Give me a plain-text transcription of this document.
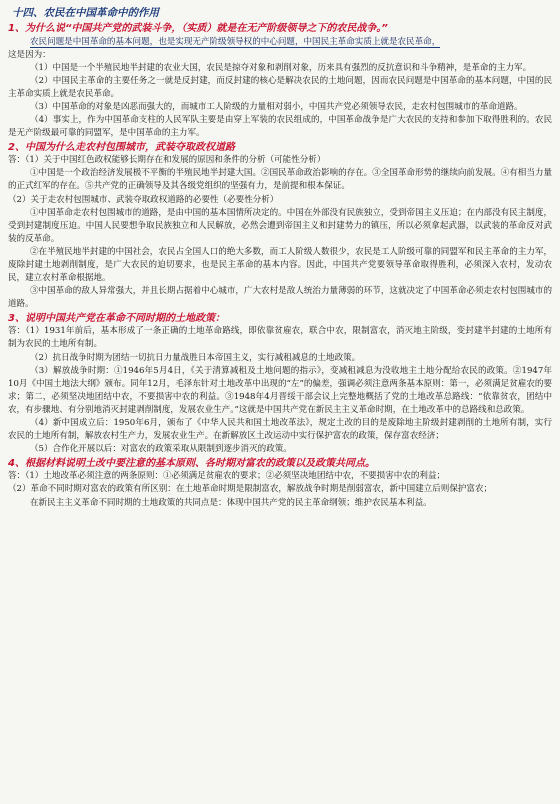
十四、农民在中国革命中的作用
1、为什么说“中国共产党的武装斗争，（实质）就是在无产阶级领导之下的农民战争。”

农民问题是中国革命的基本问题，也是实现无产阶级领导权的中心问题，中国民主革命实质上就是农民革命，

这是因为：

（1）中国是一个半殖民地半封建的农业大国，农民是掠夺对象和剥削对象，历来具有强烈的反抗意识和斗争精神，是革命的主力军。

（2）中国民主革命的主要任务之一就是反封建，而反封建的核心是解决农民的土地问题，因而农民问题是中国革命的基本问题，中国的民主革命实质上就是农民革命。

（3）中国革命的对象是凶恶而强大的，而城市工人阶级的力量相对弱小，中国共产党必须领导农民，走农村包围城市的革命道路。

（4）事实上，作为中国革命支柱的人民军队主要是由穿上军装的农民组成的，中国革命战争是广大农民的支持和参加下取得胜利的。农民是无产阶级最可靠的同盟军，是中国革命的主力军。

2、中国为什么走农村包围城市，武装夺取政权道路

答：（1）关于中国红色政权能够长期存在和发展的原因和条件的分析（可能性分析）

①中国是一个政治经济发展极不平衡的半殖民地半封建大国。②国民革命政治影响的存在。③全国革命形势的继续向前发展。④有相当力量的正式红军的存在。⑤共产党的正确领导及其各级党组织的坚强有力，是前提和根本保证。

（2）关于走农村包围城市、武装夺取政权道路的必要性（必要性分析）

①中国革命走农村包围城市的道路，是由中国的基本国情所决定的。中国在外部没有民族独立，受到帝国主义压迫；在内部没有民主制度，受到封建制度压迫。中国人民要想争取民族独立和人民解放，必然会遭到帝国主义和封建势力的镇压，所以必须拿起武器，以武装的革命反对武装的反革命。

②在半殖民地半封建的中国社会，农民占全国人口的绝大多数，而工人阶级人数很少，农民是工人阶级可靠的同盟军和民主革命的主力军，废除封建土地剥削制度，是广大农民的迫切要求，也是民主革命的基本内容。因此，中国共产党要领导革命取得胜利，必须深入农村，发动农民，建立农村革命根据地。

③中国革命的敌人异常强大，并且长期占据着中心城市，广大农村是敌人统治力量薄弱的环节，这就决定了中国革命必须走农村包围城市的道路。

3、说明中国共产党在革命不同时期的土地政策：

答：（1）1931年前后，基本形成了一条正确的土地革命路线，即依靠贫雇农，联合中农，限制富农，消灭地主阶级，变封建半封建的土地所有制为农民的土地所有制。

（2）抗日战争时期为团结一切抗日力量战胜日本帝国主义，实行减租减息的土地政策。

（3）解放战争时期：①1946年5月4日，《关于清算减租及土地问题的指示》，变减租减息为没收地主土地分配给农民的政策。②1947年10月《中国土地法大纲》颁布。同年12月，毛泽东针对土地改革中出现的“左”的偏差，强调必须注意两条基本原则：第一，必须满足贫雇农的要求；第二，必须坚决地团结中农，不要损害中农的利益。③1948年4月晋绥干部会议上完整地概括了党的土地改革总路线：“依靠贫农，团结中农，有步骤地、有分别地消灭封建剥削制度，发展农业生产。”这就是中国共产党在新民主主义革命时期，在土地改革中的总路线和总政策。

（4）新中国成立后：1950年6月，颁布了《中华人民共和国土地改革法》，规定土改的目的是废除地主阶级封建剥削的土地所有制，实行农民的土地所有制，解放农村生产力，发展农业生产。在新解放区土改运动中实行保护富农的政策，保存富农经济；

（5）合作化开展以后：对富农的政策采取从限制到逐步消灭的政策。

4、根据材料说明土改中要注意的基本原则、各时期对富农的政策以及政策共同点。

答：（1）土地改革必须注意的两条原则：①必须满足贫雇农的要求；②必须坚决地团结中农，不要损害中农的利益；

（2）革命不同时期对富农的政策有所区别：在土地革命时期是限制富农，解放战争时期是削弱富农，新中国建立后则保护富农；

在新民主主义革命不同时期的土地政策的共同点是：体现中国共产党的民主革命纲领；维护农民基本利益。
